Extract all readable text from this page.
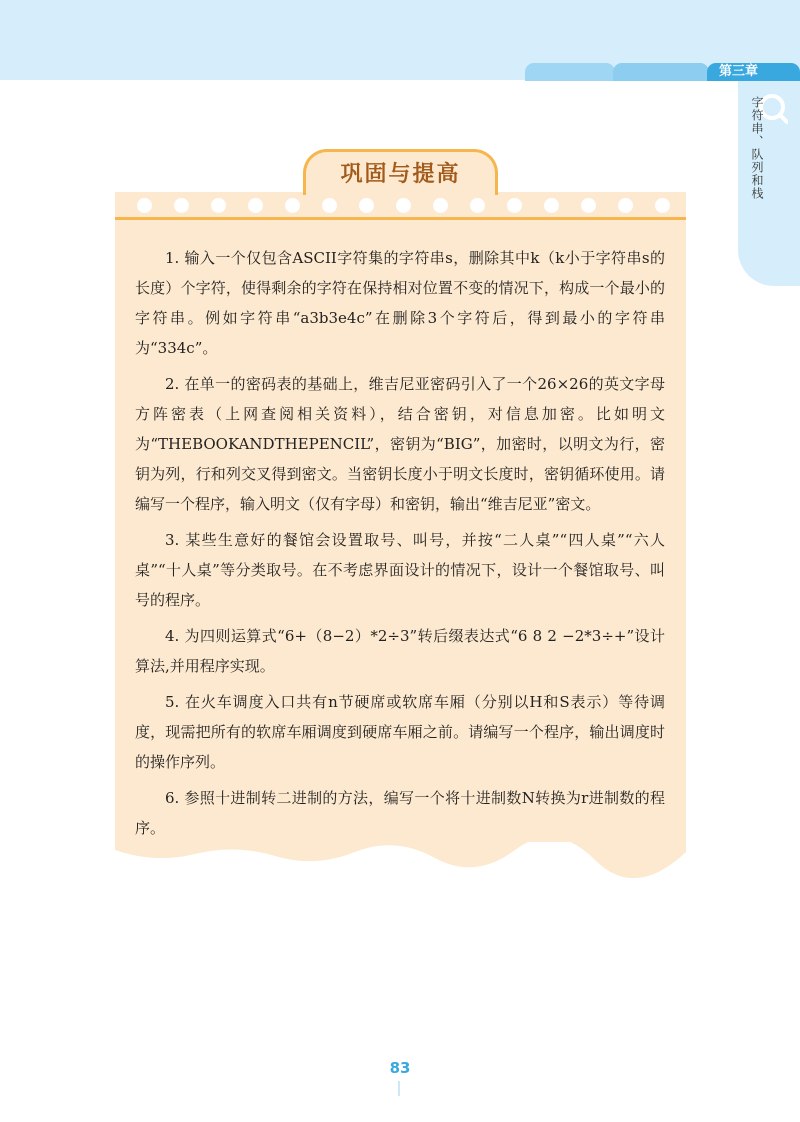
第三章
字符串、队列和栈
巩固与提高

1. 输入一个仅包含ASCII字符集的字符串s，删除其中k（k小于字符串s的长度）个字符，使得剩余的字符在保持相对位置不变的情况下，构成一个最小的字符串。例如字符串“a3b3e4c”在删除3个字符后，得到最小的字符串为“334c”。

2. 在单一的密码表的基础上，维吉尼亚密码引入了一个26×26的英文字母方阵密表（上网查阅相关资料），结合密钥，对信息加密。比如明文为“THEBOOKANDTHEPENCIL”，密钥为“BIG”，加密时，以明文为行，密钥为列，行和列交叉得到密文。当密钥长度小于明文长度时，密钥循环使用。请编写一个程序，输入明文（仅有字母）和密钥，输出“维吉尼亚”密文。

3. 某些生意好的餐馆会设置取号、叫号，并按“二人桌”“四人桌”“六人桌”“十人桌”等分类取号。在不考虑界面设计的情况下，设计一个餐馆取号、叫号的程序。

4. 为四则运算式“6+（8−2）*2÷3”转后缀表达式“6 8 2 −2*3÷+”设计算法,并用程序实现。

5. 在火车调度入口共有n节硬席或软席车厢（分别以H和S表示）等待调度，现需把所有的软席车厢调度到硬席车厢之前。请编写一个程序，输出调度时的操作序列。

6. 参照十进制转二进制的方法，编写一个将十进制数N转换为r进制数的程序。

83
